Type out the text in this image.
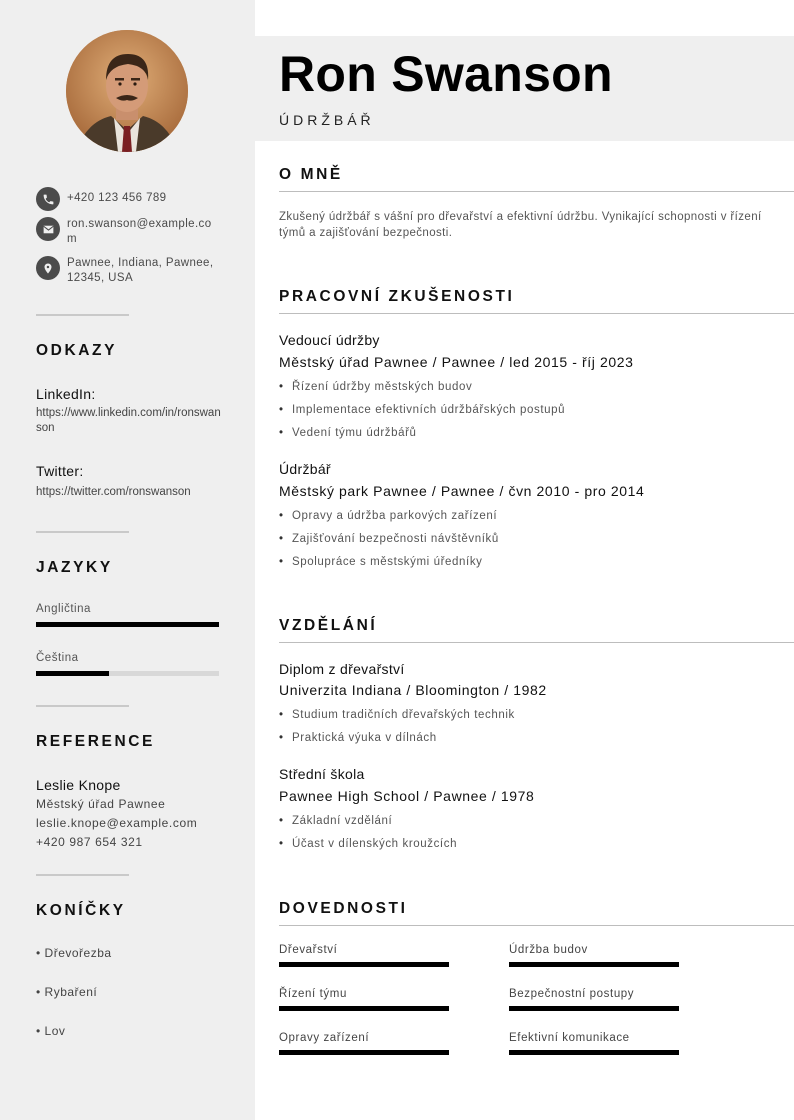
+420 123 456 789
ron.swanson@example.com
Pawnee, Indiana, Pawnee, 12345, USA
ODKAZY
LinkedIn:
https://www.linkedin.com/in/ronswanson
Twitter:
https://twitter.com/ronswanson
JAZYKY
Angličtina
Čeština
REFERENCE
Leslie Knope
Městský úřad Pawnee
leslie.knope@example.com
+420 987 654 321
KONÍČKY
• Dřevořezba
• Rybaření
• Lov
Ron Swanson
ÚDRŽBÁŘ
O MNĚ
Zkušený údržbář s vášní pro dřevařství a efektivní údržbu. Vynikající schopnosti v řízení týmů a zajišťování bezpečnosti.
PRACOVNÍ ZKUŠENOSTI
Vedoucí údržby
Městský úřad Pawnee / Pawnee / led 2015 - říj 2023
• Řízení údržby městských budov
• Implementace efektivních údržbářských postupů
• Vedení týmu údržbářů
Údržbář
Městský park Pawnee / Pawnee / čvn 2010 - pro 2014
• Opravy a údržba parkových zařízení
• Zajišťování bezpečnosti návštěvníků
• Spolupráce s městskými úředníky
VZDĚLÁNÍ
Diplom z dřevařství
Univerzita Indiana / Bloomington / 1982
• Studium tradičních dřevařských technik
• Praktická výuka v dílnách
Střední škola
Pawnee High School / Pawnee / 1978
• Základní vzdělání
• Účast v dílenských kroužcích
DOVEDNOSTI
Dřevařství	Údržba budov
Řízení týmu	Bezpečnostní postupy
Opravy zařízení	Efektivní komunikace
